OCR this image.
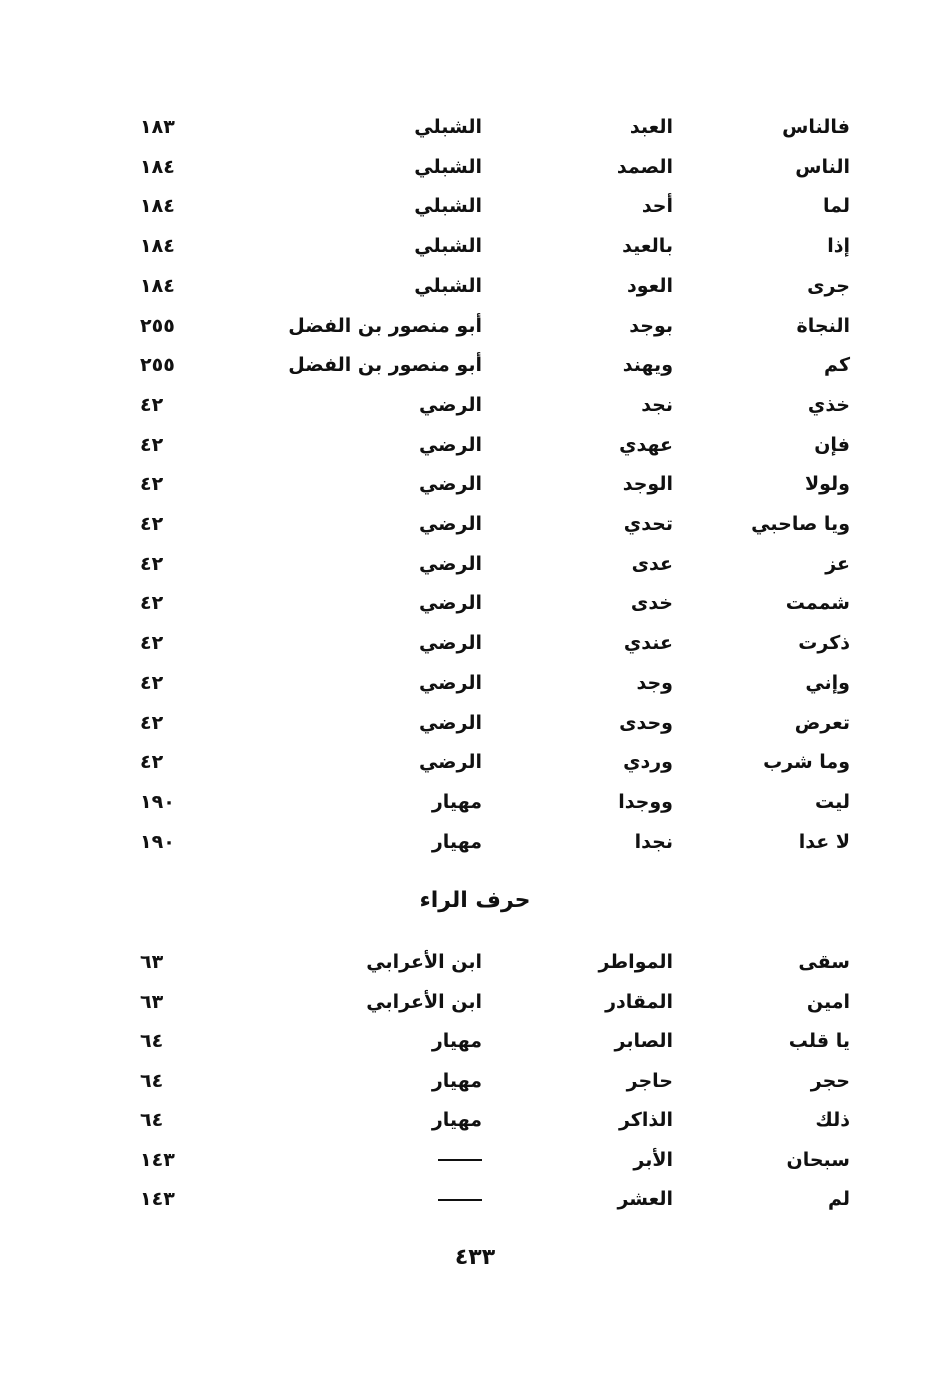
فالناس
العبد
الشبلي
١٨٣
الناس
الصمد
الشبلي
١٨٤
لما
أحد
الشبلي
١٨٤
إذا
بالعيد
الشبلي
١٨٤
جرى
العود
الشبلي
١٨٤
النجاة
بوجد
أبو منصور بن الفضل
٢٥٥
كم
ويهند
أبو منصور بن الفضل
٢٥٥
خذي
نجد
الرضي
٤٢
فإن
عهدي
الرضي
٤٢
ولولا
الوجد
الرضي
٤٢
ويا صاحبي
تحدي
الرضي
٤٢
عز
عدى
الرضي
٤٢
شممت
خدى
الرضي
٤٢
ذكرت
عندي
الرضي
٤٢
وإني
وجد
الرضي
٤٢
تعرض
وحدى
الرضي
٤٢
وما شرب
وردي
الرضي
٤٢
ليت
ووجدا
مهيار
١٩٠
لا عدا
نجدا
مهيار
١٩٠
حرف الراء
سقى
المواطر
ابن الأعرابي
٦٣
امين
المقادر
ابن الأعرابي
٦٣
يا قلب
الصابر
مهيار
٦٤
حجر
حاجر
مهيار
٦٤
ذلك
الذاكر
مهيار
٦٤
سبحان
الأبر
١٤٣
لم
العشر
١٤٣
٤٣٣
